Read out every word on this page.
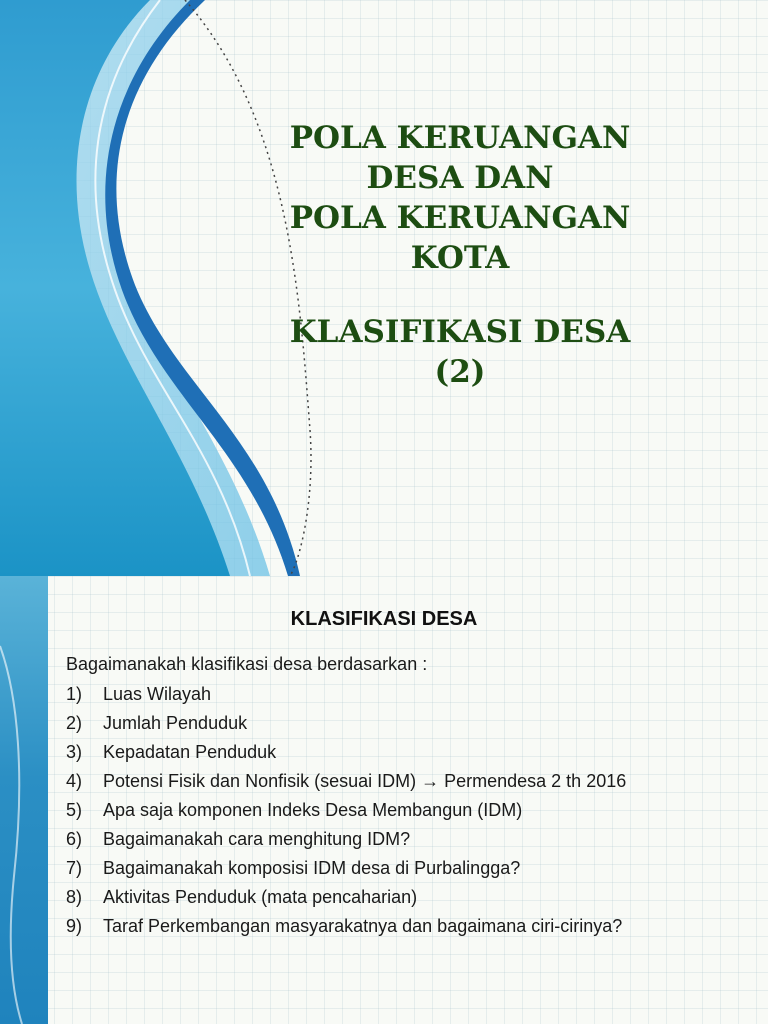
POLA KERUANGAN
DESA DAN
POLA KERUANGAN
KOTA
KLASIFIKASI DESA
(2)
KLASIFIKASI DESA
Bagaimanakah klasifikasi desa berdasarkan :
1) Luas Wilayah
2) Jumlah Penduduk
3) Kepadatan Penduduk
4) Potensi Fisik dan Nonfisik (sesuai IDM) → Permendesa 2 th 2016
5) Apa saja komponen Indeks Desa Membangun (IDM)
6) Bagaimanakah cara menghitung IDM?
7) Bagaimanakah komposisi IDM desa di Purbalingga?
8) Aktivitas Penduduk (mata pencaharian)
9) Taraf Perkembangan masyarakatnya dan bagaimana ciri-cirinya?
